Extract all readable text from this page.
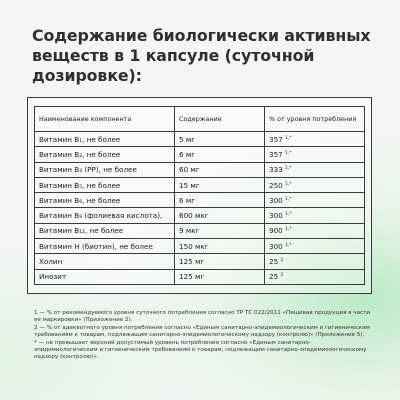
Содержание биологически активных веществ в 1 капсуле (суточной дозировке):
Наименование компонента	Содержание	% от уровня потребления
Витамин B₁, не более	5 мг	357 $^{1,*}$
Витамин B₂, не более	6 мг	357 $^{1,*}$
Витамин B₃ (PP), не более	60 мг	333 $^{1,*}$
Витамин B₅, не более	15 мг	250 $^{1,*}$
Витамин B₆, не более	6 мг	300 $^{1,*}$
Витамин B₉ (фолиевая кислота),	600 мкг	300 $^{1,*}$
Витамин B₁₂, не более	9 мкг	900 $^{1,*}$
Витамин H (биотин), не более	150 мкг	300 $^{1,*}$
Холин	125 мг	25 $^2$
Инозит	125 мг	25 $^2$

1 — % от рекомендуемого уровня суточного потребления согласно ТР ТС 022/2011 «Пищевая продукция в части ее маркировки» (Приложение 2).

2 — % от адекватного уровня потребления согласно «Единым санитарно-эпидемиологическим и гигиеническим требованиям к товарам, подлежащим санитарно-эпидемиологическому надзору (контролю)» (Приложение 5).

* — не превышает верхний допустимый уровень потребления согласно «Единым санитарно-эпидемиологическим и гигиеническим требованиям к товарам, подлежащим санитарно-эпидемиологическому надзору (контролю)».
